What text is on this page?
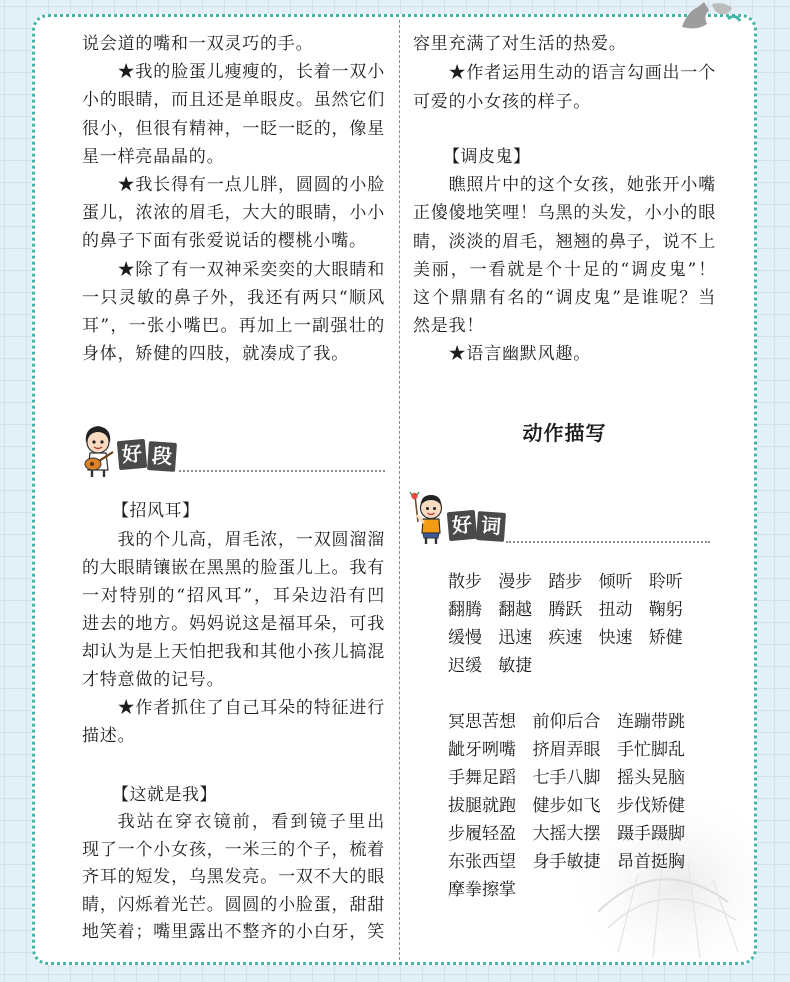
说会道的嘴和一双灵巧的手。
★我的脸蛋儿瘦瘦的，长着一双小
小的眼睛，而且还是单眼皮。虽然它们
很小，但很有精神，一眨一眨的，像星
星一样亮晶晶的。
★我长得有一点儿胖，圆圆的小脸
蛋儿，浓浓的眉毛，大大的眼睛，小小
的鼻子下面有张爱说话的樱桃小嘴。
★除了有一双神采奕奕的大眼睛和
一只灵敏的鼻子外，我还有两只“顺风
耳”，一张小嘴巴。再加上一副强壮的
身体，矫健的四肢，就凑成了我。
好 段
【招风耳】
我的个儿高，眉毛浓，一双圆溜溜
的大眼睛镶嵌在黑黑的脸蛋儿上。我有
一对特别的“招风耳”，耳朵边沿有凹
进去的地方。妈妈说这是福耳朵，可我
却认为是上天怕把我和其他小孩儿搞混
才特意做的记号。
★作者抓住了自己耳朵的特征进行
描述。
【这就是我】
我站在穿衣镜前，看到镜子里出
现了一个小女孩，一米三的个子，梳着
齐耳的短发，乌黑发亮。一双不大的眼
睛，闪烁着光芒。圆圆的小脸蛋，甜甜
地笑着；嘴里露出不整齐的小白牙，笑
容里充满了对生活的热爱。
★作者运用生动的语言勾画出一个
可爱的小女孩的样子。
【调皮鬼】
瞧照片中的这个女孩，她张开小嘴
正傻傻地笑哩！乌黑的头发，小小的眼
睛，淡淡的眉毛，翘翘的鼻子，说不上
美丽，一看就是个十足的“调皮鬼”！
这个鼎鼎有名的“调皮鬼”是谁呢？当
然是我！
★语言幽默风趣。
动作描写
好 词
散步 漫步 踏步 倾听 聆听
翻腾 翻越 腾跃 扭动 鞠躬
缓慢 迅速 疾速 快速 矫健
迟缓 敏捷
冥思苦想 前仰后合 连蹦带跳
龇牙咧嘴 挤眉弄眼 手忙脚乱
手舞足蹈 七手八脚 摇头晃脑
拔腿就跑 健步如飞 步伐矫健
步履轻盈 大摇大摆 蹑手蹑脚
东张西望 身手敏捷 昂首挺胸
摩拳擦掌
